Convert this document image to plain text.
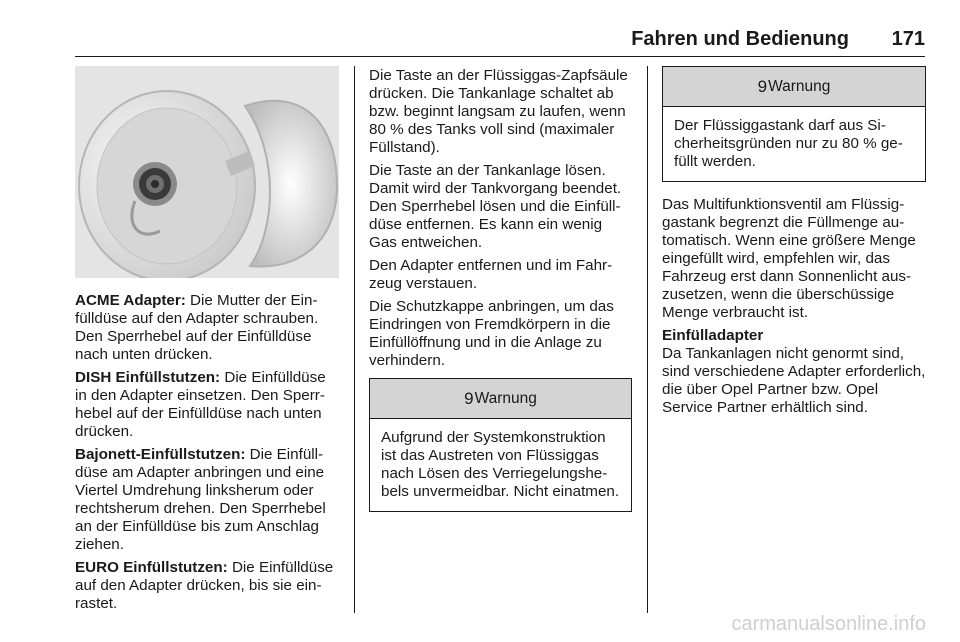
Fahren und Bedienung 171

ACME Adapter: Die Mutter der Einfülldüse auf den Adapter schrauben. Den Sperrhebel auf der Einfülldüse nach unten drücken.

DISH Einfüllstutzen: Die Einfülldüse in den Adapter einsetzen. Den Sperrhebel auf der Einfülldüse nach unten drücken.

Bajonett-Einfüllstutzen: Die Einfülldüse am Adapter anbringen und eine Viertel Umdrehung linksherum oder rechtsherum drehen. Den Sperrhebel an der Einfülldüse bis zum Anschlag ziehen.

EURO Einfüllstutzen: Die Einfülldüse auf den Adapter drücken, bis sie einrastet.

Die Taste an der Flüssiggas-Zapfsäule drücken. Die Tankanlage schaltet ab bzw. beginnt langsam zu laufen, wenn 80 % des Tanks voll sind (maximaler Füllstand).

Die Taste an der Tankanlage lösen. Damit wird der Tankvorgang beendet. Den Sperrhebel lösen und die Einfülldüse entfernen. Es kann ein wenig Gas entweichen.

Den Adapter entfernen und im Fahrzeug verstauen.

Die Schutzkappe anbringen, um das Eindringen von Fremdkörpern in die Einfüllöffnung und in die Anlage zu verhindern.

9 Warnung
Aufgrund der Systemkonstruktion ist das Austreten von Flüssiggas nach Lösen des Verriegelungshebels unvermeidbar. Nicht einatmen.
9 Warnung
Der Flüssiggastank darf aus Sicherheitsgründen nur zu 80 % gefüllt werden.

Das Multifunktionsventil am Flüssiggastank begrenzt die Füllmenge automatisch. Wenn eine größere Menge eingefüllt wird, empfehlen wir, das Fahrzeug erst dann Sonnenlicht auszusetzen, wenn die überschüssige Menge verbraucht ist.

Einfülladapter

Da Tankanlagen nicht genormt sind, sind verschiedene Adapter erforderlich, die über Opel Partner bzw. Opel Service Partner erhältlich sind.

carmanualsonline.info
